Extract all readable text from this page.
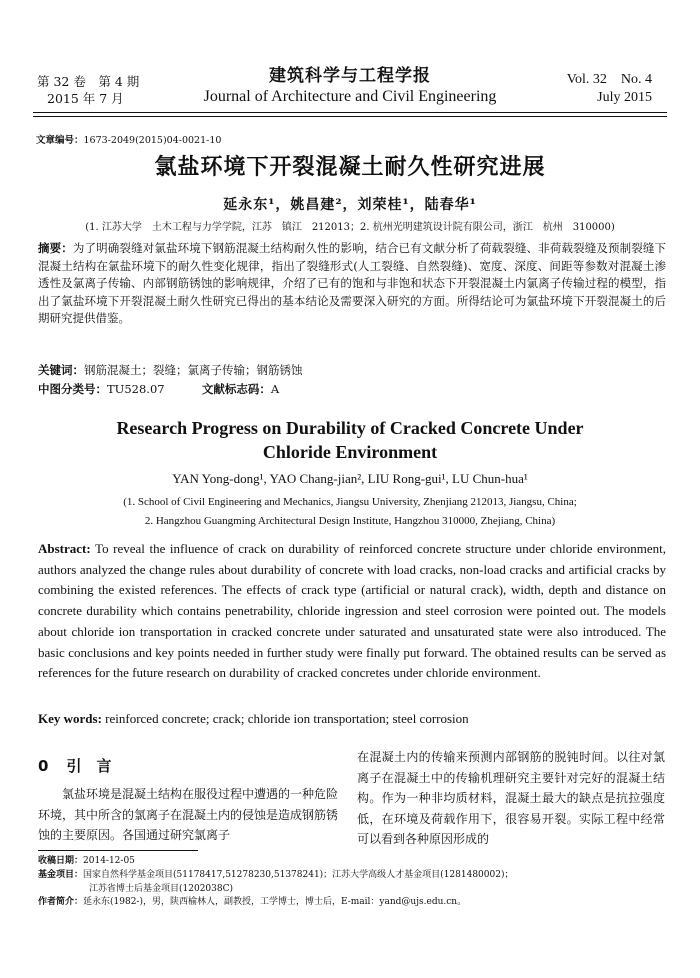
第 32 卷　第 4 期
2015 年 7 月
建筑科学与工程学报
Journal of Architecture and Civil Engineering
Vol. 32　No. 4
July 2015
文章编号：1673-2049(2015)04-0021-10
氯盐环境下开裂混凝土耐久性研究进展
延永东¹，姚昌建²，刘荣桂¹，陆春华¹
(1. 江苏大学　土木工程与力学学院，江苏　镇江　212013；2. 杭州光明建筑设计院有限公司，浙江　杭州　310000)
摘要：为了明确裂缝对氯盐环境下钢筋混凝土结构耐久性的影响，结合已有文献分析了荷载裂缝、非荷载裂缝及预制裂缝下混凝土结构在氯盐环境下的耐久性变化规律，指出了裂缝形式(人工裂缝、自然裂缝)、宽度、深度、间距等参数对混凝土渗透性及氯离子传输、内部钢筋锈蚀的影响规律，介绍了已有的饱和与非饱和状态下开裂混凝土内氯离子传输过程的模型，指出了氯盐环境下开裂混凝土耐久性研究已得出的基本结论及需要深入研究的方面。所得结论可为氯盐环境下开裂混凝土的后期研究提供借鉴。
关键词：钢筋混凝土；裂缝；氯离子传输；钢筋锈蚀
中图分类号：TU528.07	文献标志码：A
Research Progress on Durability of Cracked Concrete Under
Chloride Environment
YAN Yong-dong¹, YAO Chang-jian², LIU Rong-gui¹, LU Chun-hua¹
(1. School of Civil Engineering and Mechanics, Jiangsu University, Zhenjiang 212013, Jiangsu, China;
2. Hangzhou Guangming Architectural Design Institute, Hangzhou 310000, Zhejiang, China)
Abstract: To reveal the influence of crack on durability of reinforced concrete structure under chloride environment, authors analyzed the change rules about durability of concrete with load cracks, non-load cracks and artificial cracks by combining the existed references. The effects of crack type (artificial or natural crack), width, depth and distance on concrete durability which contains penetrability, chloride ingression and steel corrosion were pointed out. The models about chloride ion transportation in cracked concrete under saturated and unsaturated state were also introduced. The basic conclusions and key points needed in further study were finally put forward. The obtained results can be served as references for the future research on durability of cracked concretes under chloride environment.
Key words: reinforced concrete; crack; chloride ion transportation; steel corrosion
0 引　言
氯盐环境是混凝土结构在服役过程中遭遇的一种危险环境，其中所含的氯离子在混凝土内的侵蚀是造成钢筋锈蚀的主要原因。各国通过研究氯离子
在混凝土内的传输来预测内部钢筋的脱钝时间。以往对氯离子在混凝土中的传输机理研究主要针对完好的混凝土结构。作为一种非均质材料，混凝土最大的缺点是抗拉强度低，在环境及荷载作用下，很容易开裂。实际工程中经常可以看到各种原因形成的
收稿日期：2014-12-05
基金项目：国家自然科学基金项目(51178417,51278230,51378241)；江苏大学高级人才基金项目(1281480002)；
江苏省博士后基金项目(1202038C)
作者简介：延永东(1982-)，男，陕西榆林人，副教授，工学博士，博士后，E-mail：yand@ujs.edu.cn。
